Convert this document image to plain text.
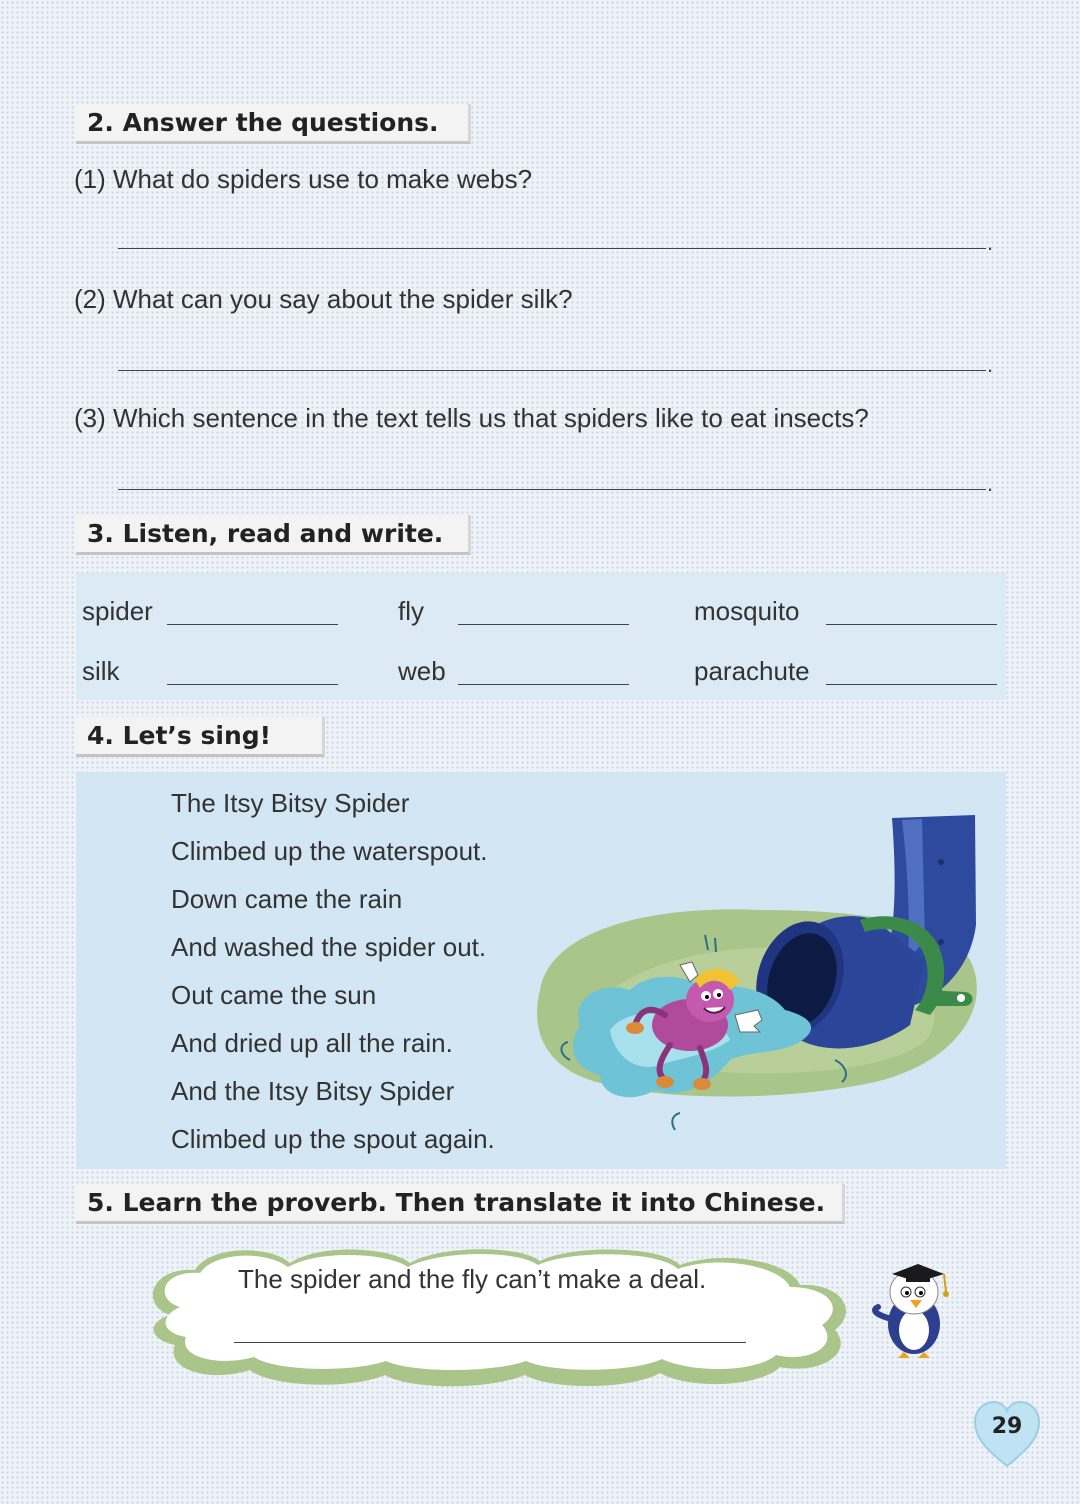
2. Answer the questions.
(1) What do spiders use to make webs?
.
(2) What can you say about the spider silk?
.
(3) Which sentence in the text tells us that spiders like to eat insects?
.
3. Listen, read and write.
spider	fly	mosquito
silk	web	parachute
4. Let’s sing!
The Itsy Bitsy Spider
Climbed up the waterspout.
Down came the rain
And washed the spider out.
Out came the sun
And dried up all the rain.
And the Itsy Bitsy Spider
Climbed up the spout again.
5. Learn the proverb. Then translate it into Chinese.
The spider and the fly can’t make a deal.
29
